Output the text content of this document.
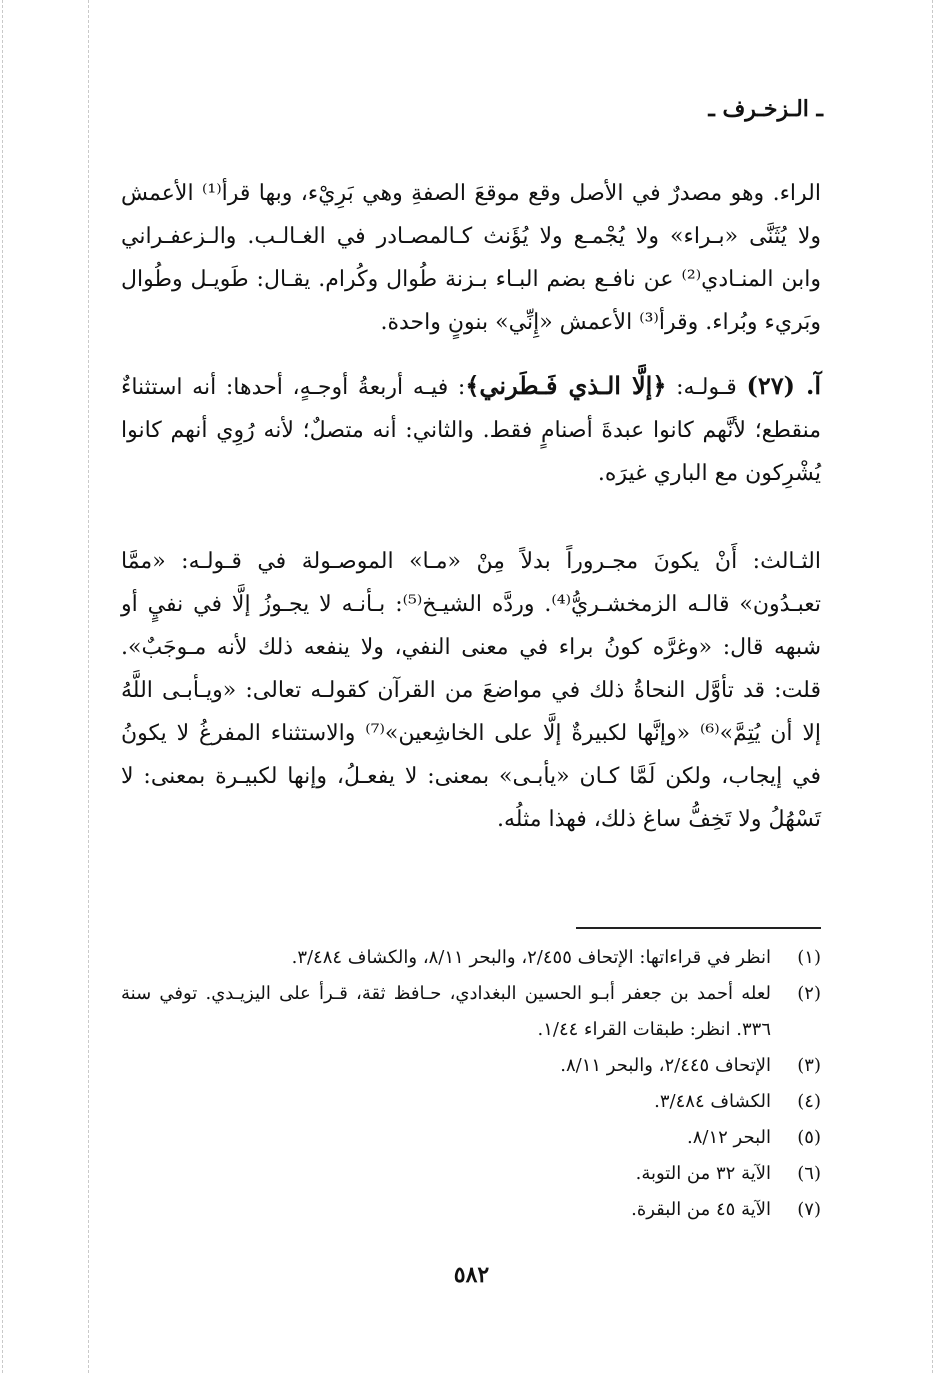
ـ الـزخـرف ـ

الراء. وهو مصدرٌ في الأصل وقع موقعَ الصفةِ وهي بَرِيْء، وبها قرأ⁽¹⁾ الأعمش ولا يُثَنَّى «بـراء» ولا يُجْمـع ولا يُؤَنث كـالمصـادر في الغـالـب. والـزعفـراني وابن المنـادي⁽²⁾ عن نافـع بضم البـاء بـزنة طُوال وكُرام. يقـال: طَويـل وطُوال وبَريء وبُراء. وقرأ⁽³⁾ الأعمش «إِنِّي» بنونٍ واحدة.

آ. (٢٧) قـولـه: ﴿إلَّا الـذي فَـطَرني﴾: فيـه أربعةُ أوجـهٍ، أحدها: أنه استثناءٌ منقطع؛ لأنَّهم كانوا عبدةَ أصنامٍ فقط. والثاني: أنه متصلٌ؛ لأنه رُوِي أنهم كانوا يُشْرِكون مع الباري غيرَه.

الثـالث: أَنْ يكونَ مجـروراً بدلاً مِنْ «مـا» الموصـولة في قـولـه: «ممَّا تعبـدُون» قالـه الزمخشـريُّ⁽⁴⁾. وردَّه الشيـخ⁽⁵⁾: بـأنـه لا يجـوزُ إلَّا في نفيٍ أو شبهه قال: «وغرَّه كونُ براء في معنى النفي، ولا ينفعه ذلك لأنه مـوجَبٌ». قلت: قد تأوَّل النحاةُ ذلك في مواضعَ من القرآن كقولـه تعالى: «ويـأبـى اللَّهُ إلا أن يُتِمَّ»⁽⁶⁾ «وإنَّها لكبيرةٌ إلَّا على الخاشِعين»⁽⁷⁾ والاستثناء المفرغُ لا يكونُ في إيجاب، ولكن لَمَّا كـان «يأبـى» بمعنى: لا يفعـلُ، وإنها لكبيـرة بمعنى: لا تَسْهُلُ ولا تَخِفُّ ساغ ذلك، فهذا مثلُه.

(١)
انظر في قراءاتها: الإتحاف ٢/٤٥٥، والبحر ٨/١١، والكشاف ٣/٤٨٤.
(٢)
لعله أحمد بن جعفر أبـو الحسين البغدادي، حـافظ ثقة، قـرأ على اليزيـدي. توفي سنة ٣٣٦. انظر: طبقات القراء ١/٤٤.
(٣)
الإتحاف ٢/٤٤٥، والبحر ٨/١١.
(٤)
الكشاف ٣/٤٨٤.
(٥)
البحر ٨/١٢.
(٦)
الآية ٣٢ من التوبة.
(٧)
الآية ٤٥ من البقرة.
٥٨٢
